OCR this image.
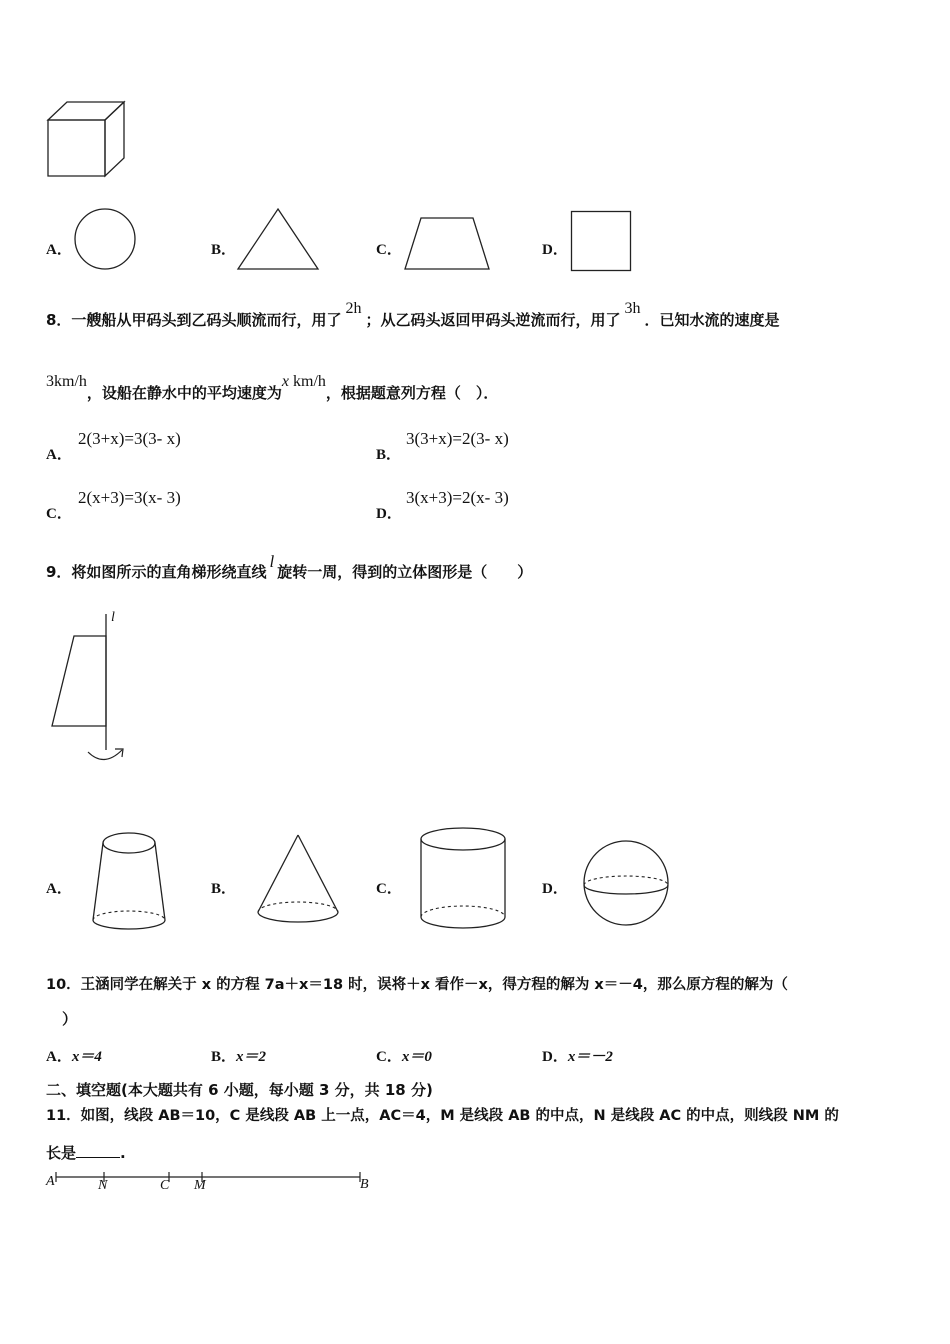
A．	B．	C．	D．
8．一艘船从甲码头到乙码头顺流而行，用了2h；从乙码头返回甲码头逆流而行，用了3h．已知水流的速度是
3km/h，设船在静水中的平均速度为x km/h，根据题意列方程（　）．
A．
2(3+x)=3(3- x)
B．
3(3+x)=2(3- x)
C．
2(x+3)=3(x- 3)
D．
3(x+3)=2(x- 3)
9．将如图所示的直角梯形绕直线l旋转一周，得到的立体图形是（　　）
l
A．	B．	C．	D．
10．王涵同学在解关于 x 的方程 7a＋x＝18 时，误将＋x 看作－x，得方程的解为 x＝－4，那么原方程的解为（
）
A．x＝4	B．x＝2	C．x＝0	D．x＝－2
二、填空题(本大题共有 6 小题，每小题 3 分，共 18 分)
11．如图，线段 AB＝10，C 是线段 AB 上一点，AC＝4，M 是线段 AB 的中点，N 是线段 AC 的中点，则线段 NM 的
长是	.
A	N	C M	B
